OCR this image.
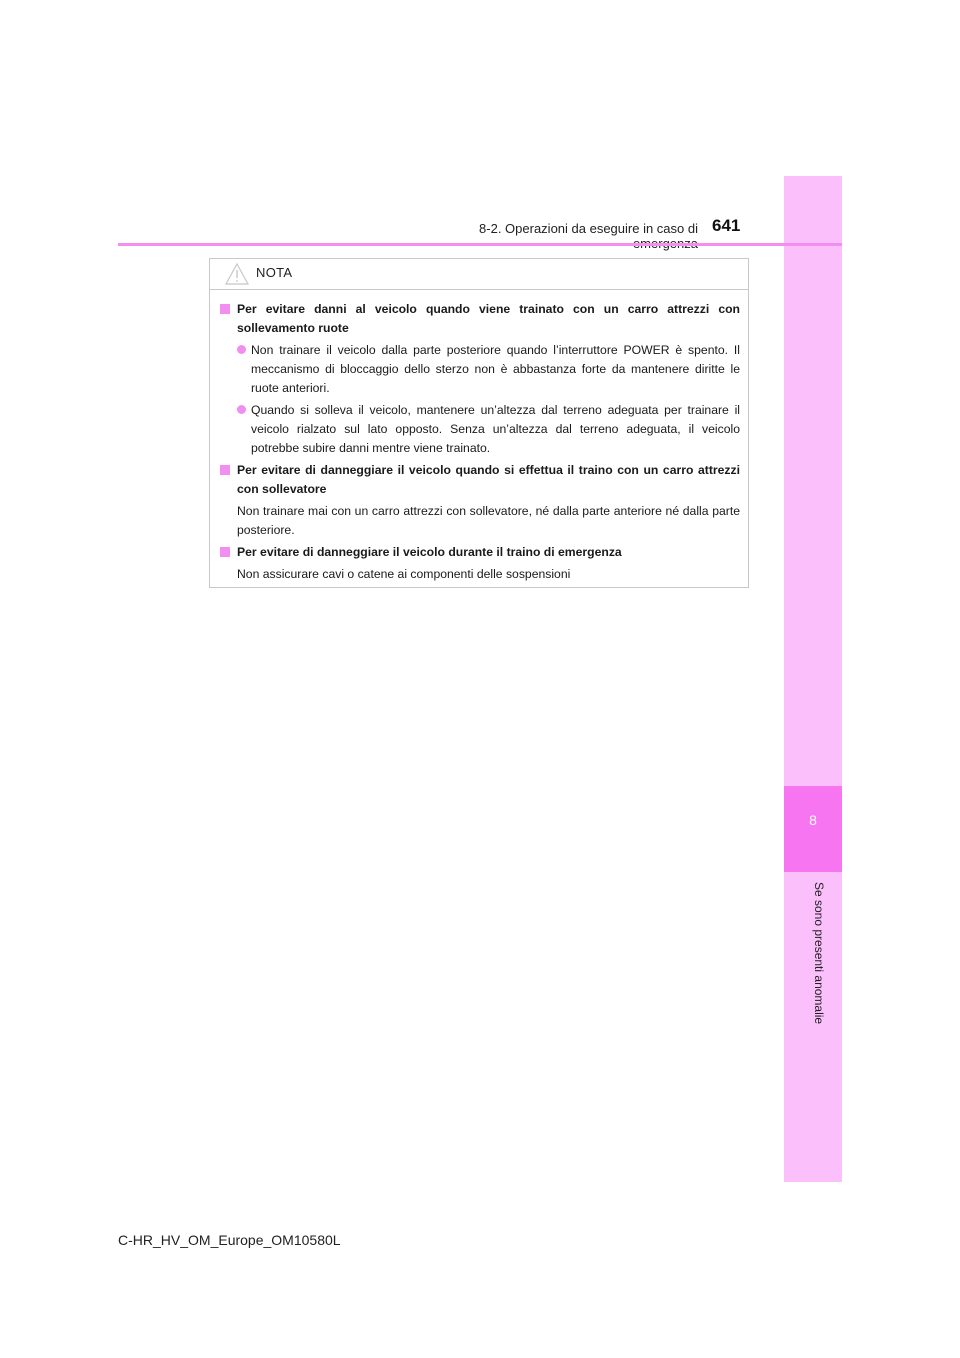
8
Se sono presenti anomalie
8-2. Operazioni da eseguire in caso di 641
NOTA
Per evitare danni al veicolo quando viene trainato con un carro attrezzi con sollevamento ruote
Non trainare il veicolo dalla parte posteriore quando l’interruttore POWER è spento. Il meccanismo di bloccaggio dello sterzo non è abbastanza forte da mantenere diritte le ruote anteriori.
Quando si solleva il veicolo, mantenere un’altezza dal terreno adeguata per trainare il veicolo rialzato sul lato opposto. Senza un’altezza dal terreno adeguata, il veicolo potrebbe subire danni mentre viene trainato.
Per evitare di danneggiare il veicolo quando si effettua il traino con un carro attrezzi con sollevatore
Non trainare mai con un carro attrezzi con sollevatore, né dalla parte anteriore né dalla parte posteriore.
Per evitare di danneggiare il veicolo durante il traino di emergenza
Non assicurare cavi o catene ai componenti delle sospensioni
C-HR_HV_OM_Europe_OM10580L
